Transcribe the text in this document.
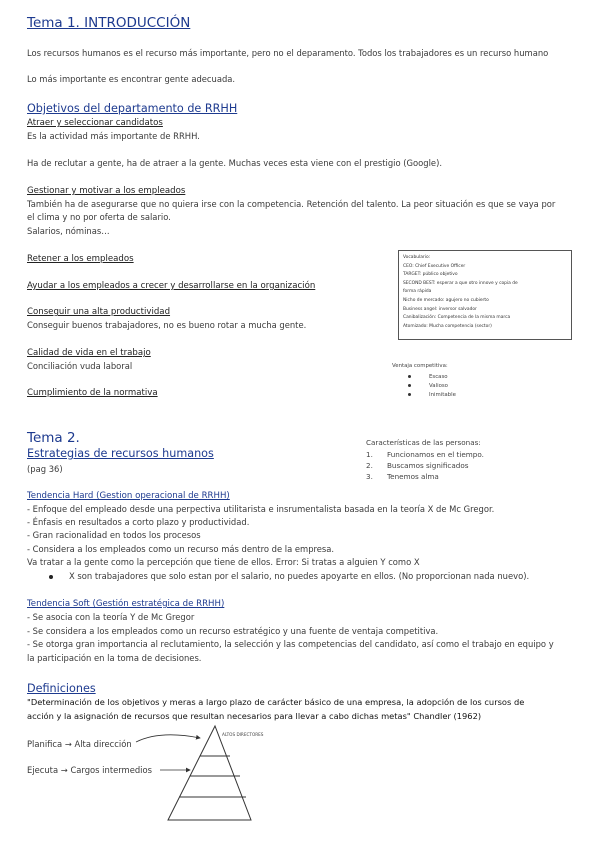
Tema 1. INTRODUCCIÓN
Los recursos humanos es el recurso más importante, pero no el deparamento. Todos los trabajadores es un recurso humano
Lo más importante es encontrar gente adecuada.
Objetivos del departamento de RRHH
Atraer y seleccionar candidatos
Es la actividad más importante de RRHH.
Ha de reclutar a gente, ha de atraer a la gente. Muchas veces esta viene con el prestigio (Google).
Gestionar y motivar a los empleados
También ha de asegurarse que no quiera irse con la competencia. Retención del talento. La peor situación es que se vaya por
el clima y no por oferta de salario.
Salarios, nóminas…
Retener a los empleados
Ayudar a los empleados a crecer y desarrollarse en la organización
Conseguir una alta productividad
Conseguir buenos trabajadores, no es bueno rotar a mucha gente.
Calidad de vida en el trabajo
Conciliación vuda laboral
Cumplimiento de la normativa
Vocabulario:
CEO: Chief Executive Officer
TARGET: público objetivo
SECOND BEST: esperar a que otro innove y copia de
forma rápida
Nicho de mercado: agujero no cubierto
Business angel: inversor salvador
Canibalización: Competencia de la misma marca
Atomizado: Mucha competencia (sector)
Ventaja competitiva:
Escaso
Valioso
Inimitable
Tema 2.
Estrategias de recursos humanos
(pag 36)
Características de las personas:
1. Funcionamos en el tiempo.
2. Buscamos significados
3. Tenemos alma
Tendencia Hard (Gestion operacional de RRHH)
- Enfoque del empleado desde una perpectiva utilitarista e insrumentalista basada en la teoría X de Mc Gregor.
- Énfasis en resultados a corto plazo y productividad.
- Gran racionalidad en todos los procesos
- Considera a los empleados como un recurso más dentro de la empresa.
Va tratar a la gente como la percepción que tiene de ellos. Error: Si tratas a alguien Y como X
X son trabajadores que solo estan por el salario, no puedes apoyarte en ellos. (No proporcionan nada nuevo).
Tendencia Soft (Gestión estratégica de RRHH)
- Se asocia con la teoría Y de Mc Gregor
- Se considera a los empleados como un recurso estratégico y una fuente de ventaja competitiva.
- Se otorga gran importancia al reclutamiento, la selección y las competencias del candidato, así como el trabajo en equipo y
la participación en la toma de decisiones.
Definiciones
"Determinación de los objetivos y meras a largo plazo de carácter básico de una empresa, la adopción de los cursos de
acción y la asignación de recursos que resultan necesarios para llevar a cabo dichas metas" Chandler (1962)
Planifica → Alta dirección
Ejecuta → Cargos intermedios
ALTOS DIRECTORES
